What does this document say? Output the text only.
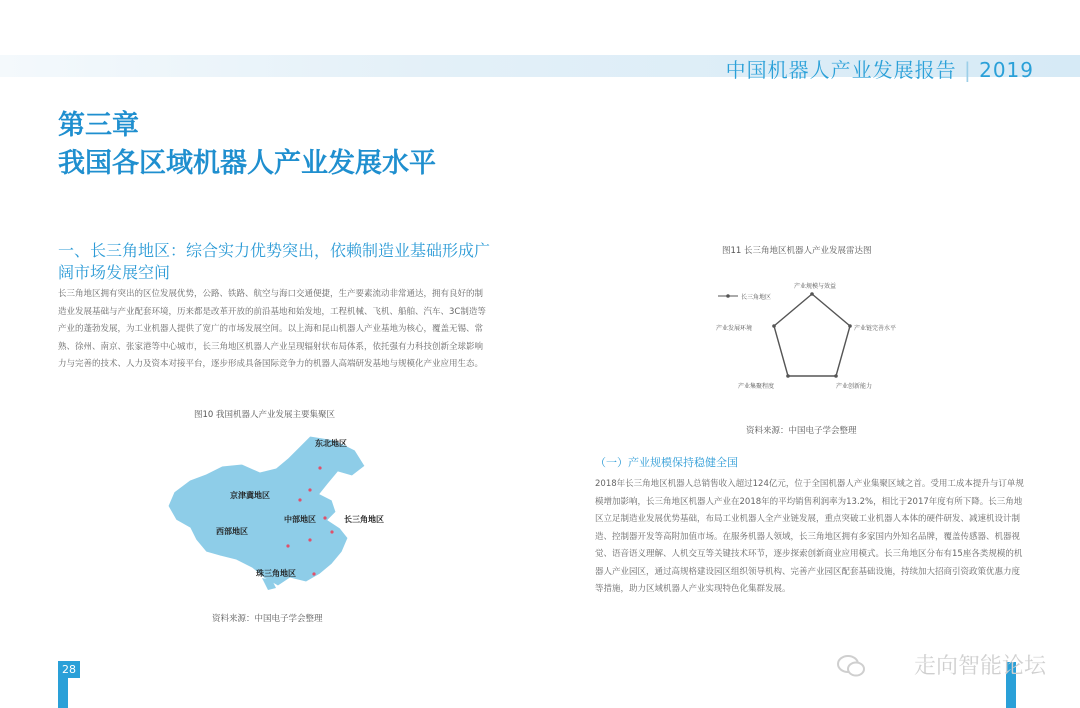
中国机器人产业发展报告 | 2019
第三章
我国各区域机器人产业发展水平
一、长三角地区：综合实力优势突出，依赖制造业基础形成广阔市场发展空间
长三角地区拥有突出的区位发展优势，公路、铁路、航空与海口交通便捷，生产要素流动非常通达，拥有良好的制造业发展基础与产业配套环境，历来都是改革开放的前沿基地和始发地，工程机械、飞机、船舶、汽车、3C制造等产业的蓬勃发展，为工业机器人提供了宽广的市场发展空间。以上海和昆山机器人产业基地为核心，覆盖无锡、常熟、徐州、南京、张家港等中心城市，长三角地区机器人产业呈现辐射状布局体系，依托强有力科技创新全球影响力与完善的技术、人力及资本对接平台，逐步形成具备国际竞争力的机器人高端研发基地与规模化产业应用生态。
图10 我国机器人产业发展主要集聚区
东北地区
京津冀地区
中部地区	长三角地区
西部地区
珠三角地区
资料来源：中国电子学会整理
图11 长三角地区机器人产业发展雷达图
长三角地区
产业规模与效益
产业链完善水平
产业创新能力
产业集聚程度
产业发展环境
资料来源：中国电子学会整理
（一）产业规模保持稳健全国
2018年长三角地区机器人总销售收入超过124亿元，位于全国机器人产业集聚区域之首。受用工成本提升与订单规模增加影响，长三角地区机器人产业在2018年的平均销售利润率为13.2%，相比于2017年度有所下降。长三角地区立足制造业发展优势基础，布局工业机器人全产业链发展，重点突破工业机器人本体的硬件研发、减速机设计制造、控制器开发等高附加值市场。在服务机器人领域，长三角地区拥有多家国内外知名品牌，覆盖传感器、机器视觉、语音语义理解、人机交互等关键技术环节，逐步探索创新商业应用模式。长三角地区分布有15座各类规模的机器人产业园区，通过高规格建设园区组织领导机构、完善产业园区配套基础设施，持续加大招商引资政策优惠力度等措施，助力区域机器人产业实现特色化集群发展。
28	走向智能论坛
